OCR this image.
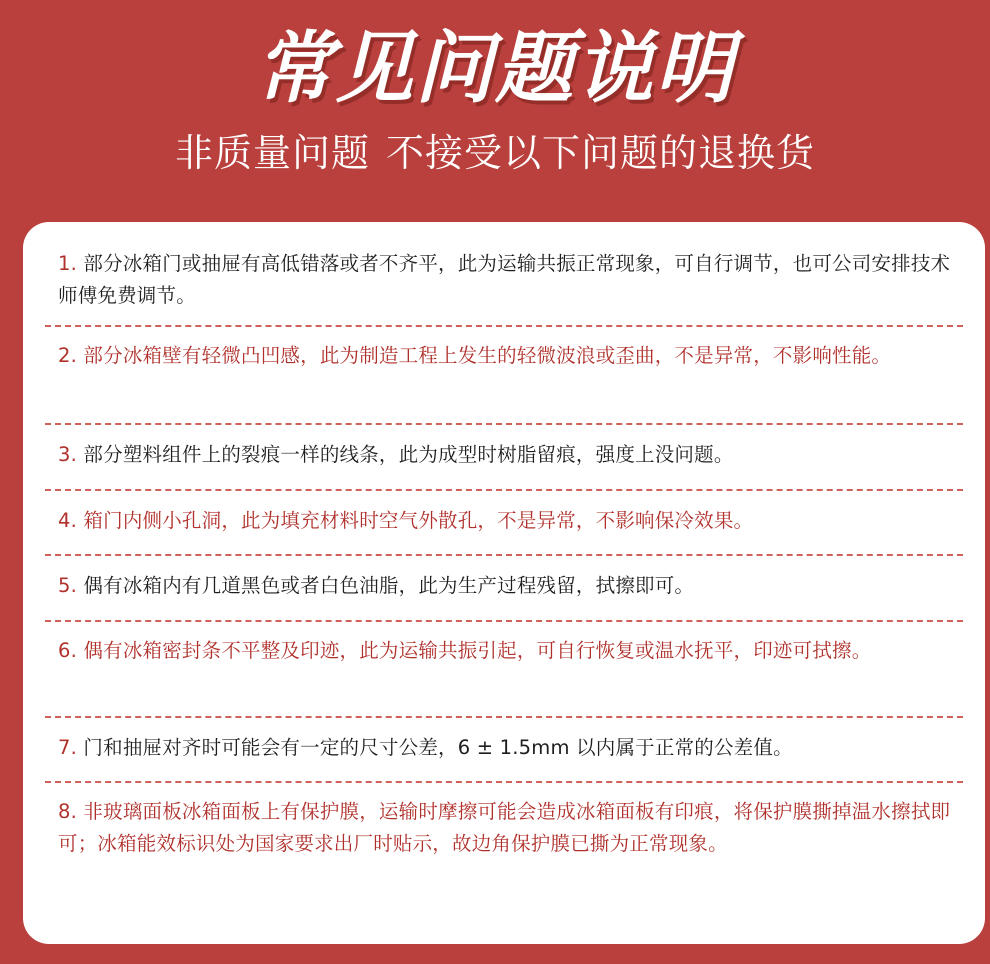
常见问题说明
非质量问题 不接受以下问题的退换货
1. 部分冰箱门或抽屉有高低错落或者不齐平，此为运输共振正常现象，可自行调节，也可公司安排技术师傅免费调节。
2. 部分冰箱壁有轻微凸凹感，此为制造工程上发生的轻微波浪或歪曲，不是异常，不影响性能。
3. 部分塑料组件上的裂痕一样的线条，此为成型时树脂留痕，强度上没问题。
4. 箱门内侧小孔洞，此为填充材料时空气外散孔，不是异常，不影响保冷效果。
5. 偶有冰箱内有几道黑色或者白色油脂，此为生产过程残留，拭擦即可。
6. 偶有冰箱密封条不平整及印迹，此为运输共振引起，可自行恢复或温水抚平，印迹可拭擦。
7. 门和抽屉对齐时可能会有一定的尺寸公差，6 ± 1.5mm 以内属于正常的公差值。
8. 非玻璃面板冰箱面板上有保护膜，运输时摩擦可能会造成冰箱面板有印痕，将保护膜撕掉温水擦拭即可；冰箱能效标识处为国家要求出厂时贴示，故边角保护膜已撕为正常现象。
